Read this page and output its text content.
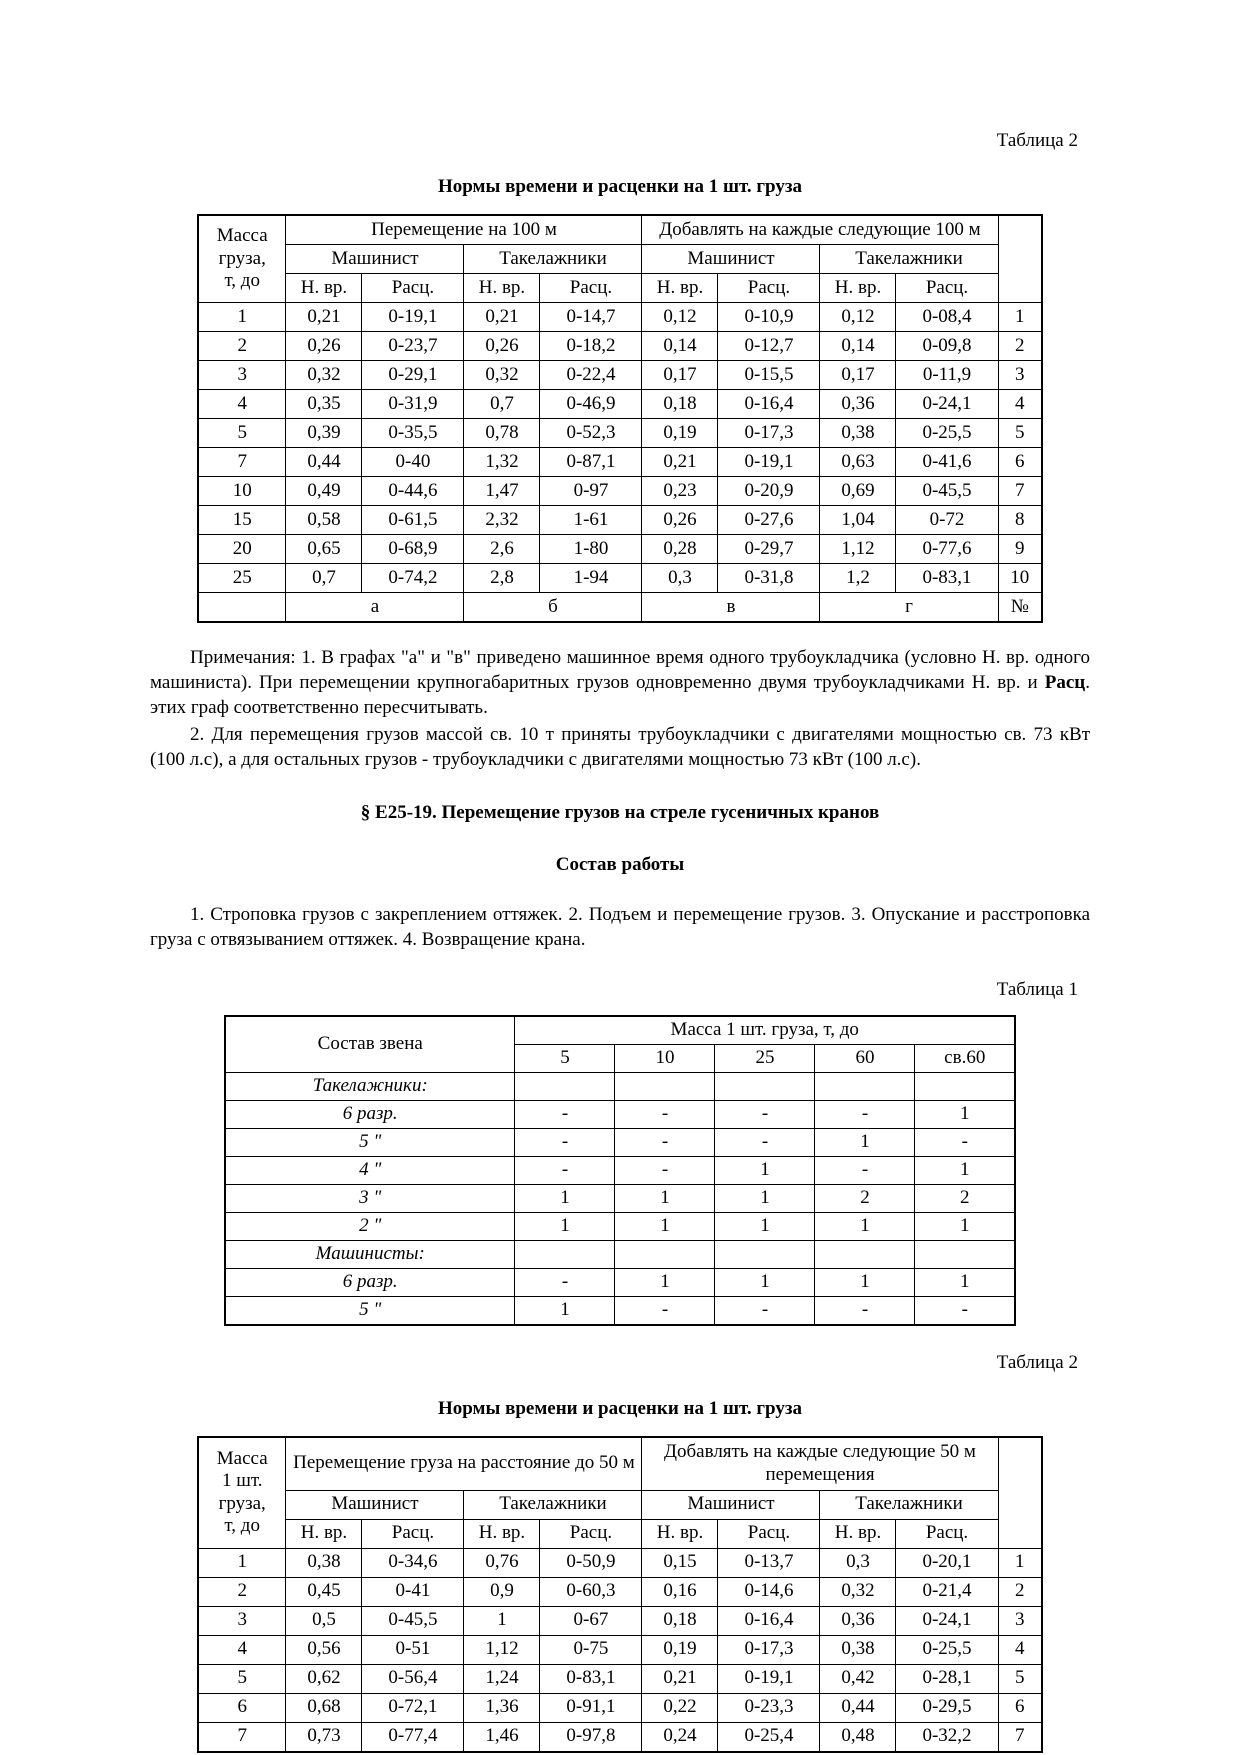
Таблица 2
Нормы времени и расценки на 1 шт. груза
Масса
груза,
т, до	Перемещение на 100 м				Добавлять на каждые следующие 100 м				
	Машинист		Такелажники		Машинист		Такелажники		
	Н. вр.	Расц.	Н. вр.	Расц.	Н. вр.	Расц.	Н. вр.	Расц.	
1	0,21	0-19,1	0,21	0-14,7	0,12	0-10,9	0,12	0-08,4	1
2	0,26	0-23,7	0,26	0-18,2	0,14	0-12,7	0,14	0-09,8	2
3	0,32	0-29,1	0,32	0-22,4	0,17	0-15,5	0,17	0-11,9	3
4	0,35	0-31,9	0,7	0-46,9	0,18	0-16,4	0,36	0-24,1	4
5	0,39	0-35,5	0,78	0-52,3	0,19	0-17,3	0,38	0-25,5	5
7	0,44	0-40	1,32	0-87,1	0,21	0-19,1	0,63	0-41,6	6
10	0,49	0-44,6	1,47	0-97	0,23	0-20,9	0,69	0-45,5	7
15	0,58	0-61,5	2,32	1-61	0,26	0-27,6	1,04	0-72	8
20	0,65	0-68,9	2,6	1-80	0,28	0-29,7	1,12	0-77,6	9
25	0,7	0-74,2	2,8	1-94	0,3	0-31,8	1,2	0-83,1	10
	а		б		в		г		№

Примечания: 1. В графах "а" и "в" приведено машинное время одного трубоукладчика (условно Н. вр. одного машиниста). При перемещении крупногабаритных грузов одновременно двумя трубоукладчиками Н. вр. и Расц. этих граф соответственно пересчитывать.

2. Для перемещения грузов массой св. 10 т приняты трубоукладчики с двигателями мощностью св. 73 кВт (100 л.с), а для остальных грузов - трубоукладчики с двигателями мощностью 73 кВт (100 л.с).

§ Е25-19. Перемещение грузов на стреле гусеничных кранов
Состав работы

1. Строповка грузов с закреплением оттяжек. 2. Подъем и перемещение грузов. 3. Опускание и расстроповка груза с отвязыванием оттяжек. 4. Возвращение крана.

Таблица 1
Состав звена	Масса 1 шт. груза, т, до				
	5	10	25	60	св.60
Такелажники:					
6 разр.	-	-	-	-	1
5 "	-	-	-	1	-
4 "	-	-	1	-	1
3 "	1	1	1	2	2
2 "	1	1	1	1	1
Машинисты:					
6 разр.	-	1	1	1	1
5 "	1	-	-	-	-
Таблица 2
Нормы времени и расценки на 1 шт. груза
Масса
1 шт.
груза,
т, до	Перемещение груза на расстояние до 50 м				Добавлять на каждые следующие 50 м перемещения				
	Машинист		Такелажники		Машинист		Такелажники		
	Н. вр.	Расц.	Н. вр.	Расц.	Н. вр.	Расц.	Н. вр.	Расц.	
1	0,38	0-34,6	0,76	0-50,9	0,15	0-13,7	0,3	0-20,1	1
2	0,45	0-41	0,9	0-60,3	0,16	0-14,6	0,32	0-21,4	2
3	0,5	0-45,5	1	0-67	0,18	0-16,4	0,36	0-24,1	3
4	0,56	0-51	1,12	0-75	0,19	0-17,3	0,38	0-25,5	4
5	0,62	0-56,4	1,24	0-83,1	0,21	0-19,1	0,42	0-28,1	5
6	0,68	0-72,1	1,36	0-91,1	0,22	0-23,3	0,44	0-29,5	6
7	0,73	0-77,4	1,46	0-97,8	0,24	0-25,4	0,48	0-32,2	7
